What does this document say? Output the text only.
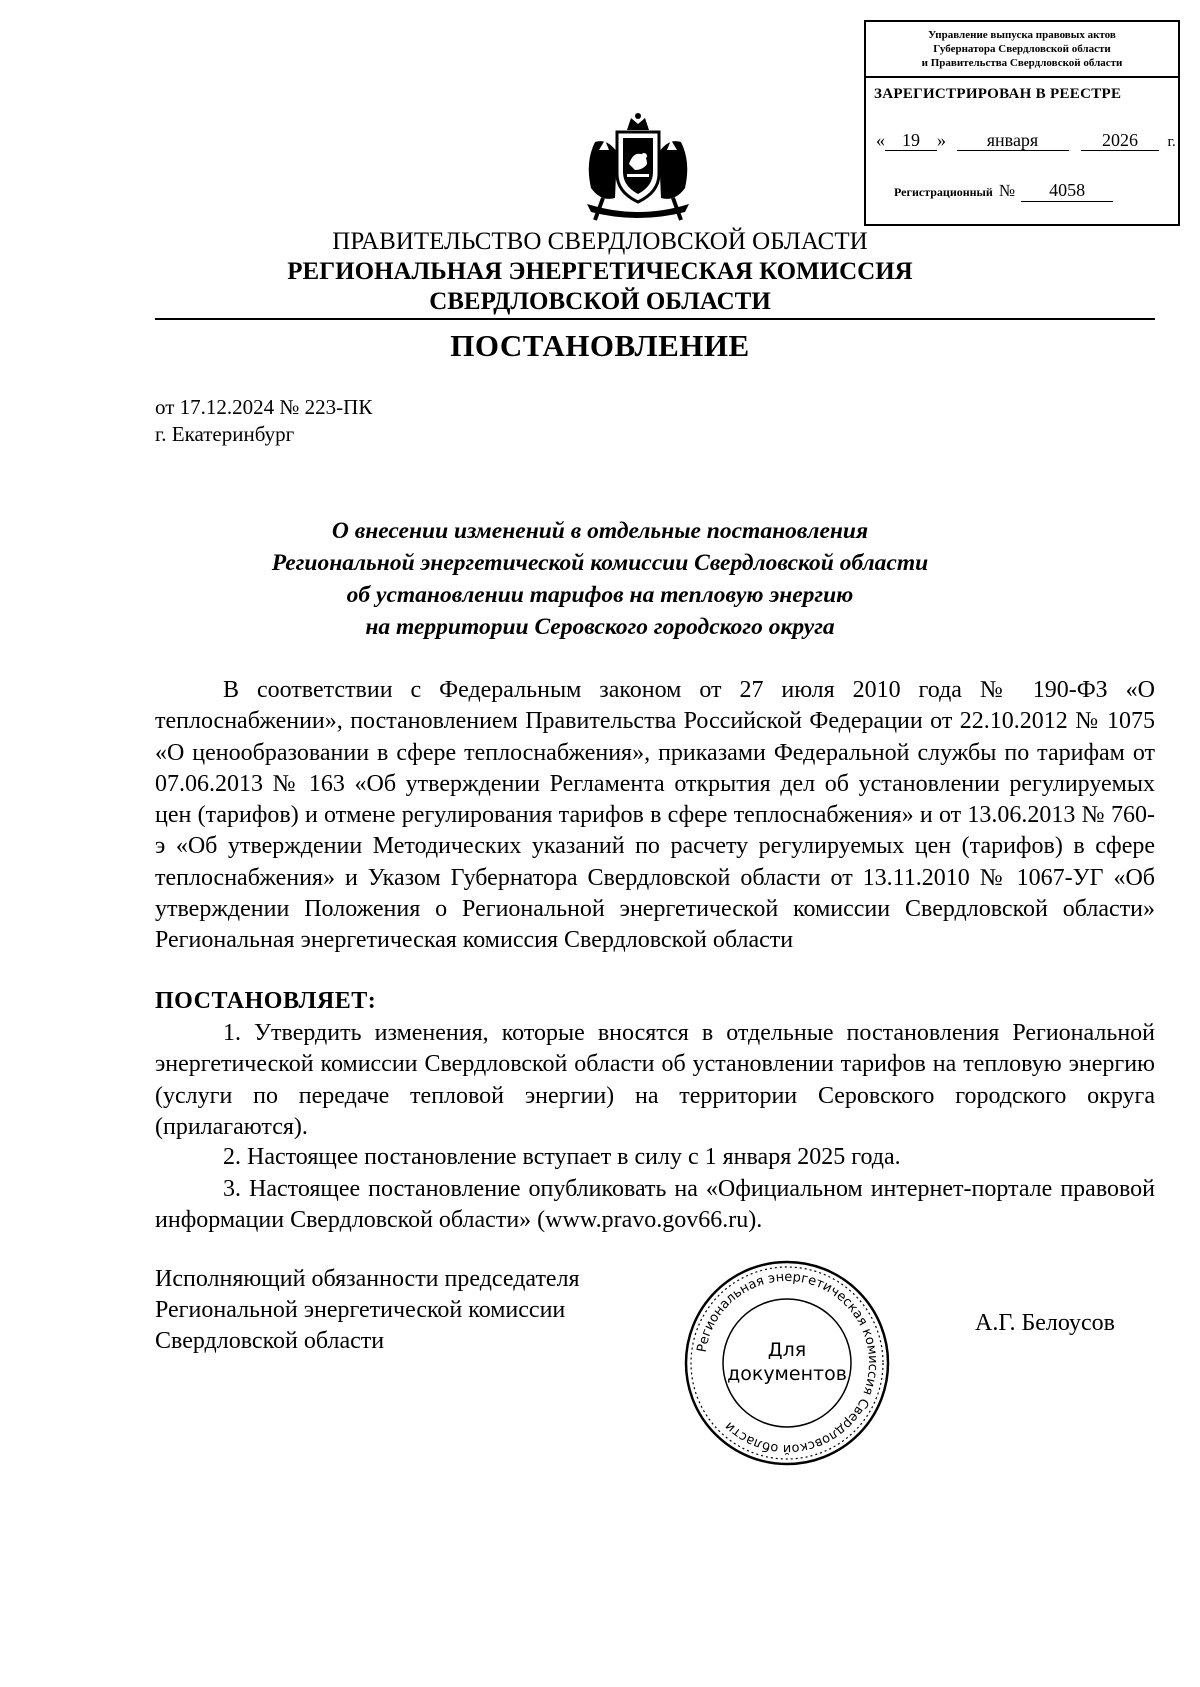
Управление выпуска правовых актов
Губернатора Свердловской области
и Правительства Свердловской области
ЗАРЕГИСТРИРОВАН В РЕЕСТРЕ
« 19 » января	2026 г.
Регистрационный № 4058
ПРАВИТЕЛЬСТВО СВЕРДЛОВСКОЙ ОБЛАСТИ
РЕГИОНАЛЬНАЯ ЭНЕРГЕТИЧЕСКАЯ КОМИССИЯ
СВЕРДЛОВСКОЙ ОБЛАСТИ
ПОСТАНОВЛЕНИЕ
от 17.12.2024 № 223-ПК
г. Екатеринбург
О внесении изменений в отдельные постановления
Региональной энергетической комиссии Свердловской области
об установлении тарифов на тепловую энергию
на территории Серовского городского округа

В соответствии с Федеральным законом от 27 июля 2010 года № 190-ФЗ «О теплоснабжении», постановлением Правительства Российской Федерации от 22.10.2012 № 1075 «О ценообразовании в сфере теплоснабжения», приказами Федеральной службы по тарифам от 07.06.2013 № 163 «Об утверждении Регламента открытия дел об установлении регулируемых цен (тарифов) и отмене регулирования тарифов в сфере теплоснабжения» и от 13.06.2013 № 760-э «Об утверждении Методических указаний по расчету регулируемых цен (тарифов) в сфере теплоснабжения» и Указом Губернатора Свердловской области от 13.11.2010 № 1067-УГ «Об утверждении Положения о Региональной энергетической комиссии Свердловской области» Региональная энергетическая комиссия Свердловской области

ПОСТАНОВЛЯЕТ:

1. Утвердить изменения, которые вносятся в отдельные постановления Региональной энергетической комиссии Свердловской области об установлении тарифов на тепловую энергию (услуги по передаче тепловой энергии) на территории Серовского городского округа (прилагаются).

2. Настоящее постановление вступает в силу с 1 января 2025 года.

3. Настоящее постановление опубликовать на «Официальном интернет-портале правовой информации Свердловской области» (www.pravo.gov66.ru).

Исполняющий обязанности председателя
Региональной энергетической комиссии
Свердловской области	Региональная энергетическая комиссия Свердловской области
Для
документов
А.Г. Белоусов
